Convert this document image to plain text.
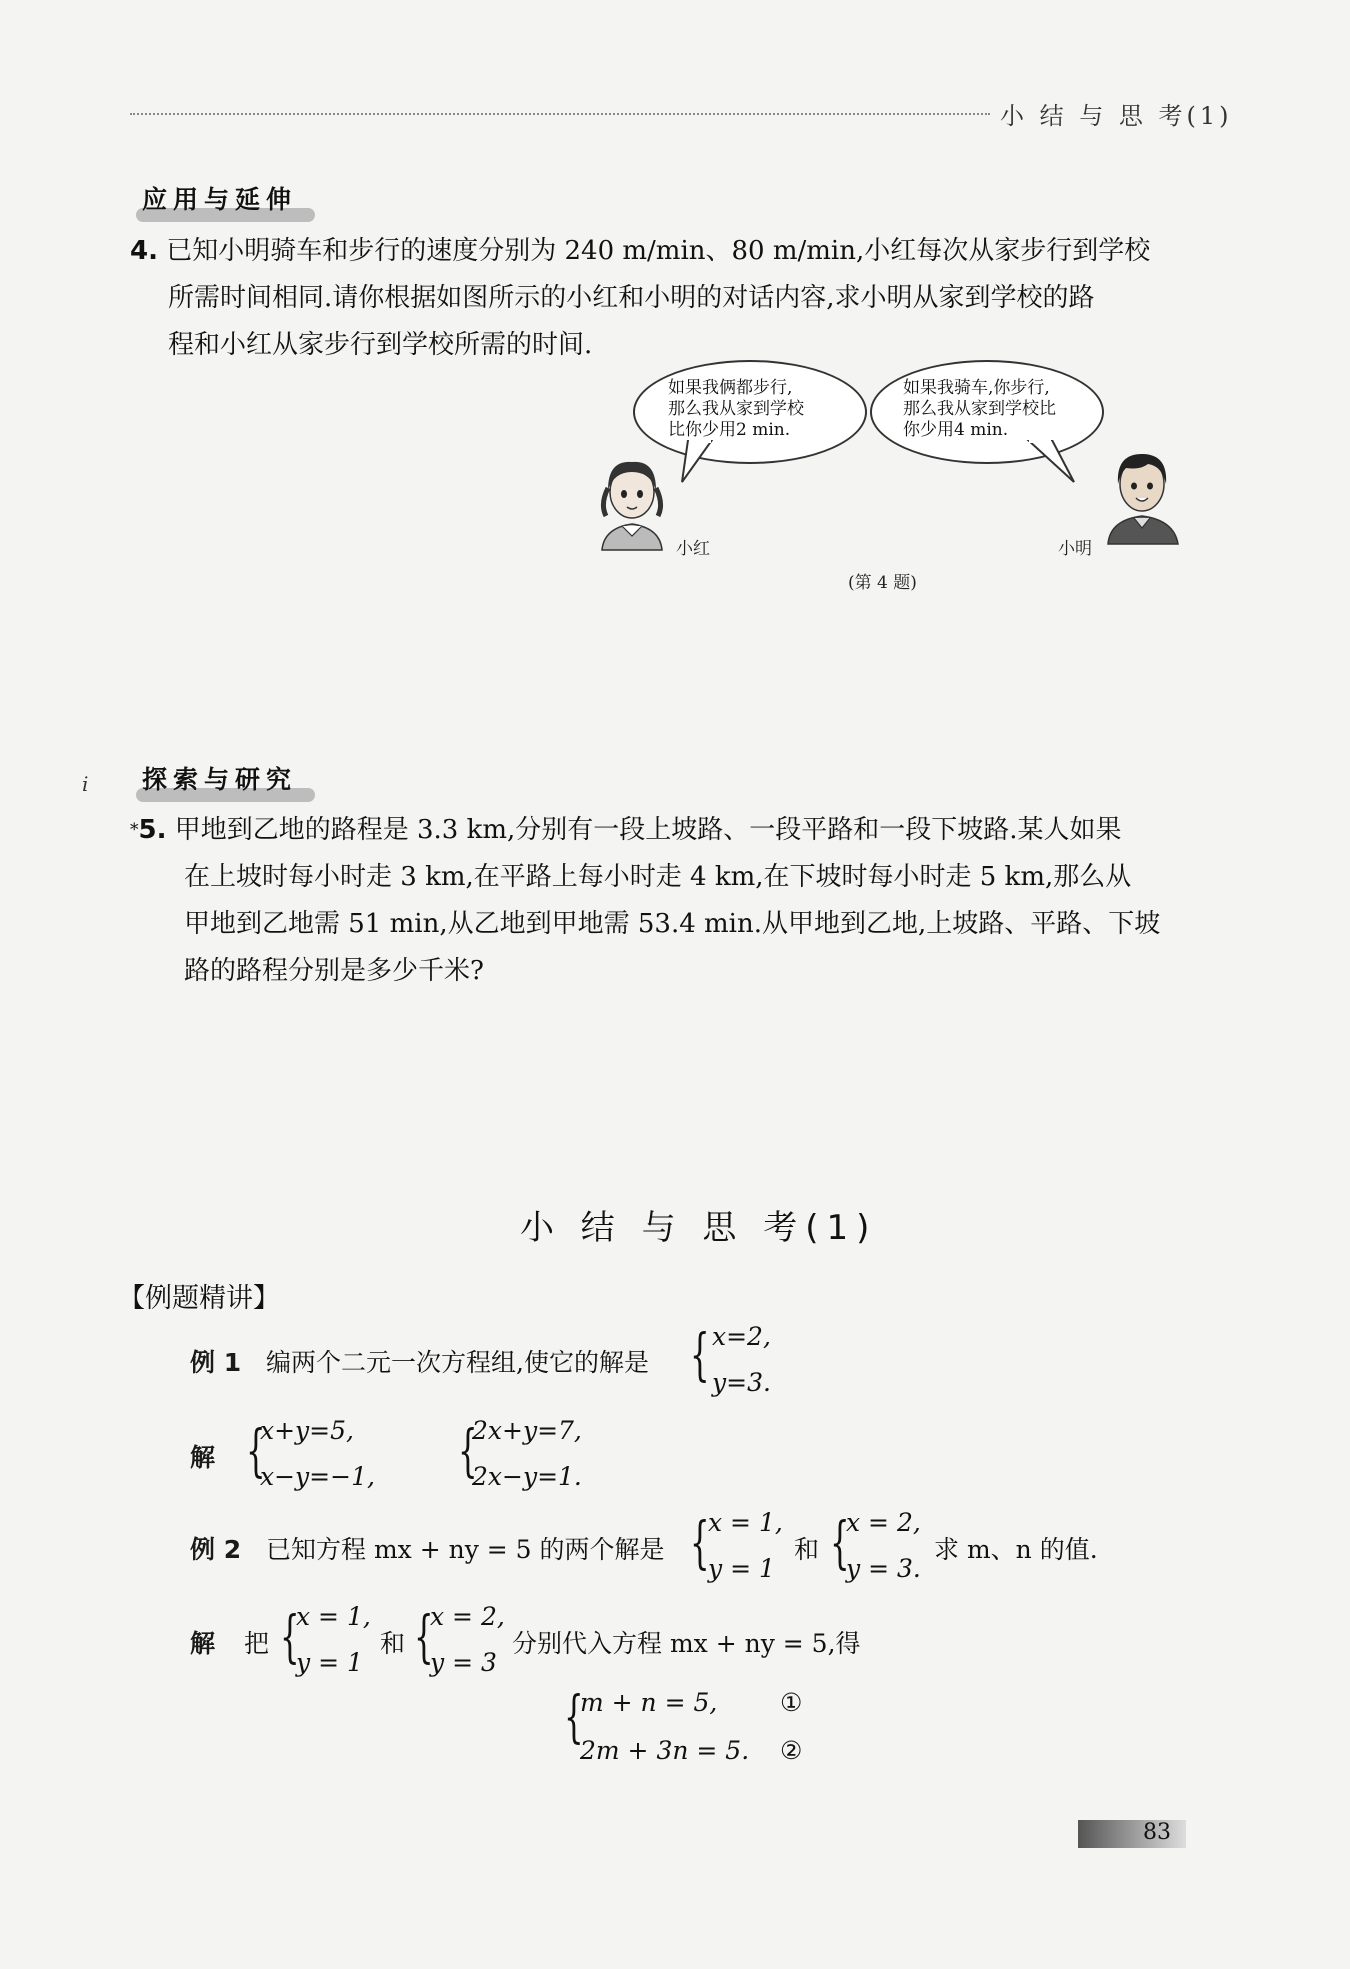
小 结 与 思 考(1)
应用与延伸
4. 已知小明骑车和步行的速度分别为 240 m/min、80 m/min,小红每次从家步行到学校
所需时间相同.请你根据如图所示的小红和小明的对话内容,求小明从家到学校的路
程和小红从家步行到学校所需的时间.
如果我俩都步行,
那么我从家到学校
比你少用2 min.
如果我骑车,你步行,
那么我从家到学校比
你少用4 min.
小红	小明
(第 4 题)
i 探索与研究
*5. 甲地到乙地的路程是 3.3 km,分别有一段上坡路、一段平路和一段下坡路.某人如果
在上坡时每小时走 3 km,在平路上每小时走 4 km,在下坡时每小时走 5 km,那么从
甲地到乙地需 51 min,从乙地到甲地需 53.4 min.从甲地到乙地,上坡路、平路、下坡
路的路程分别是多少千米?
小 结 与 思 考(1)
【例题精讲】
例 1 编两个二元一次方程组,使它的解是 { x=2,
y=3.
解 {
x+y=5,
x−y=−1, {
2x+y=7,
2x−y=1.
例 2 已知方程 mx + ny = 5 的两个解是 {
x = 1,
y = 1
和 {
x = 2,
y = 3.
求 m、n 的值.
解 把 {
x = 1,
y = 1
和 {
x = 2,
y = 3
分别代入方程 mx + ny = 5,得
{
m + n = 5,	①
2m + 3n = 5. ②
83
